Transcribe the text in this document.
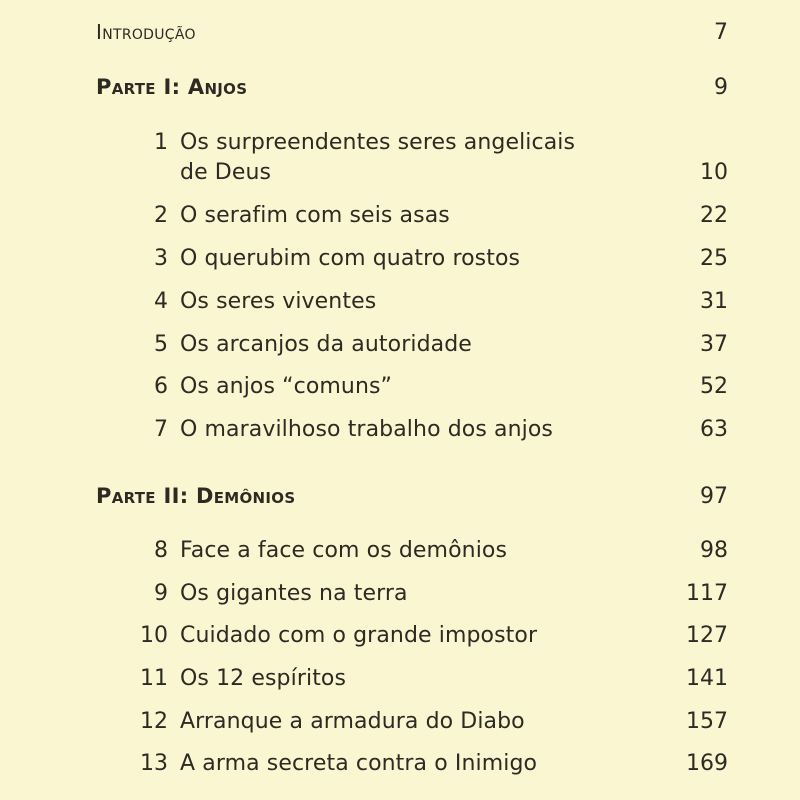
Introdução	7
Parte I: Anjos	9
1 Os surpreendentes seres angelicais
de Deus	10
2 O serafim com seis asas	22
3 O querubim com quatro rostos	25
4 Os seres viventes	31
5 Os arcanjos da autoridade	37
6 Os anjos “comuns”	52
7 O maravilhoso trabalho dos anjos	63
Parte II: Demônios	97
8 Face a face com os demônios	98
9 Os gigantes na terra	117
10 Cuidado com o grande impostor	127
11 Os 12 espíritos	141
12 Arranque a armadura do Diabo	157
13 A arma secreta contra o Inimigo	169
